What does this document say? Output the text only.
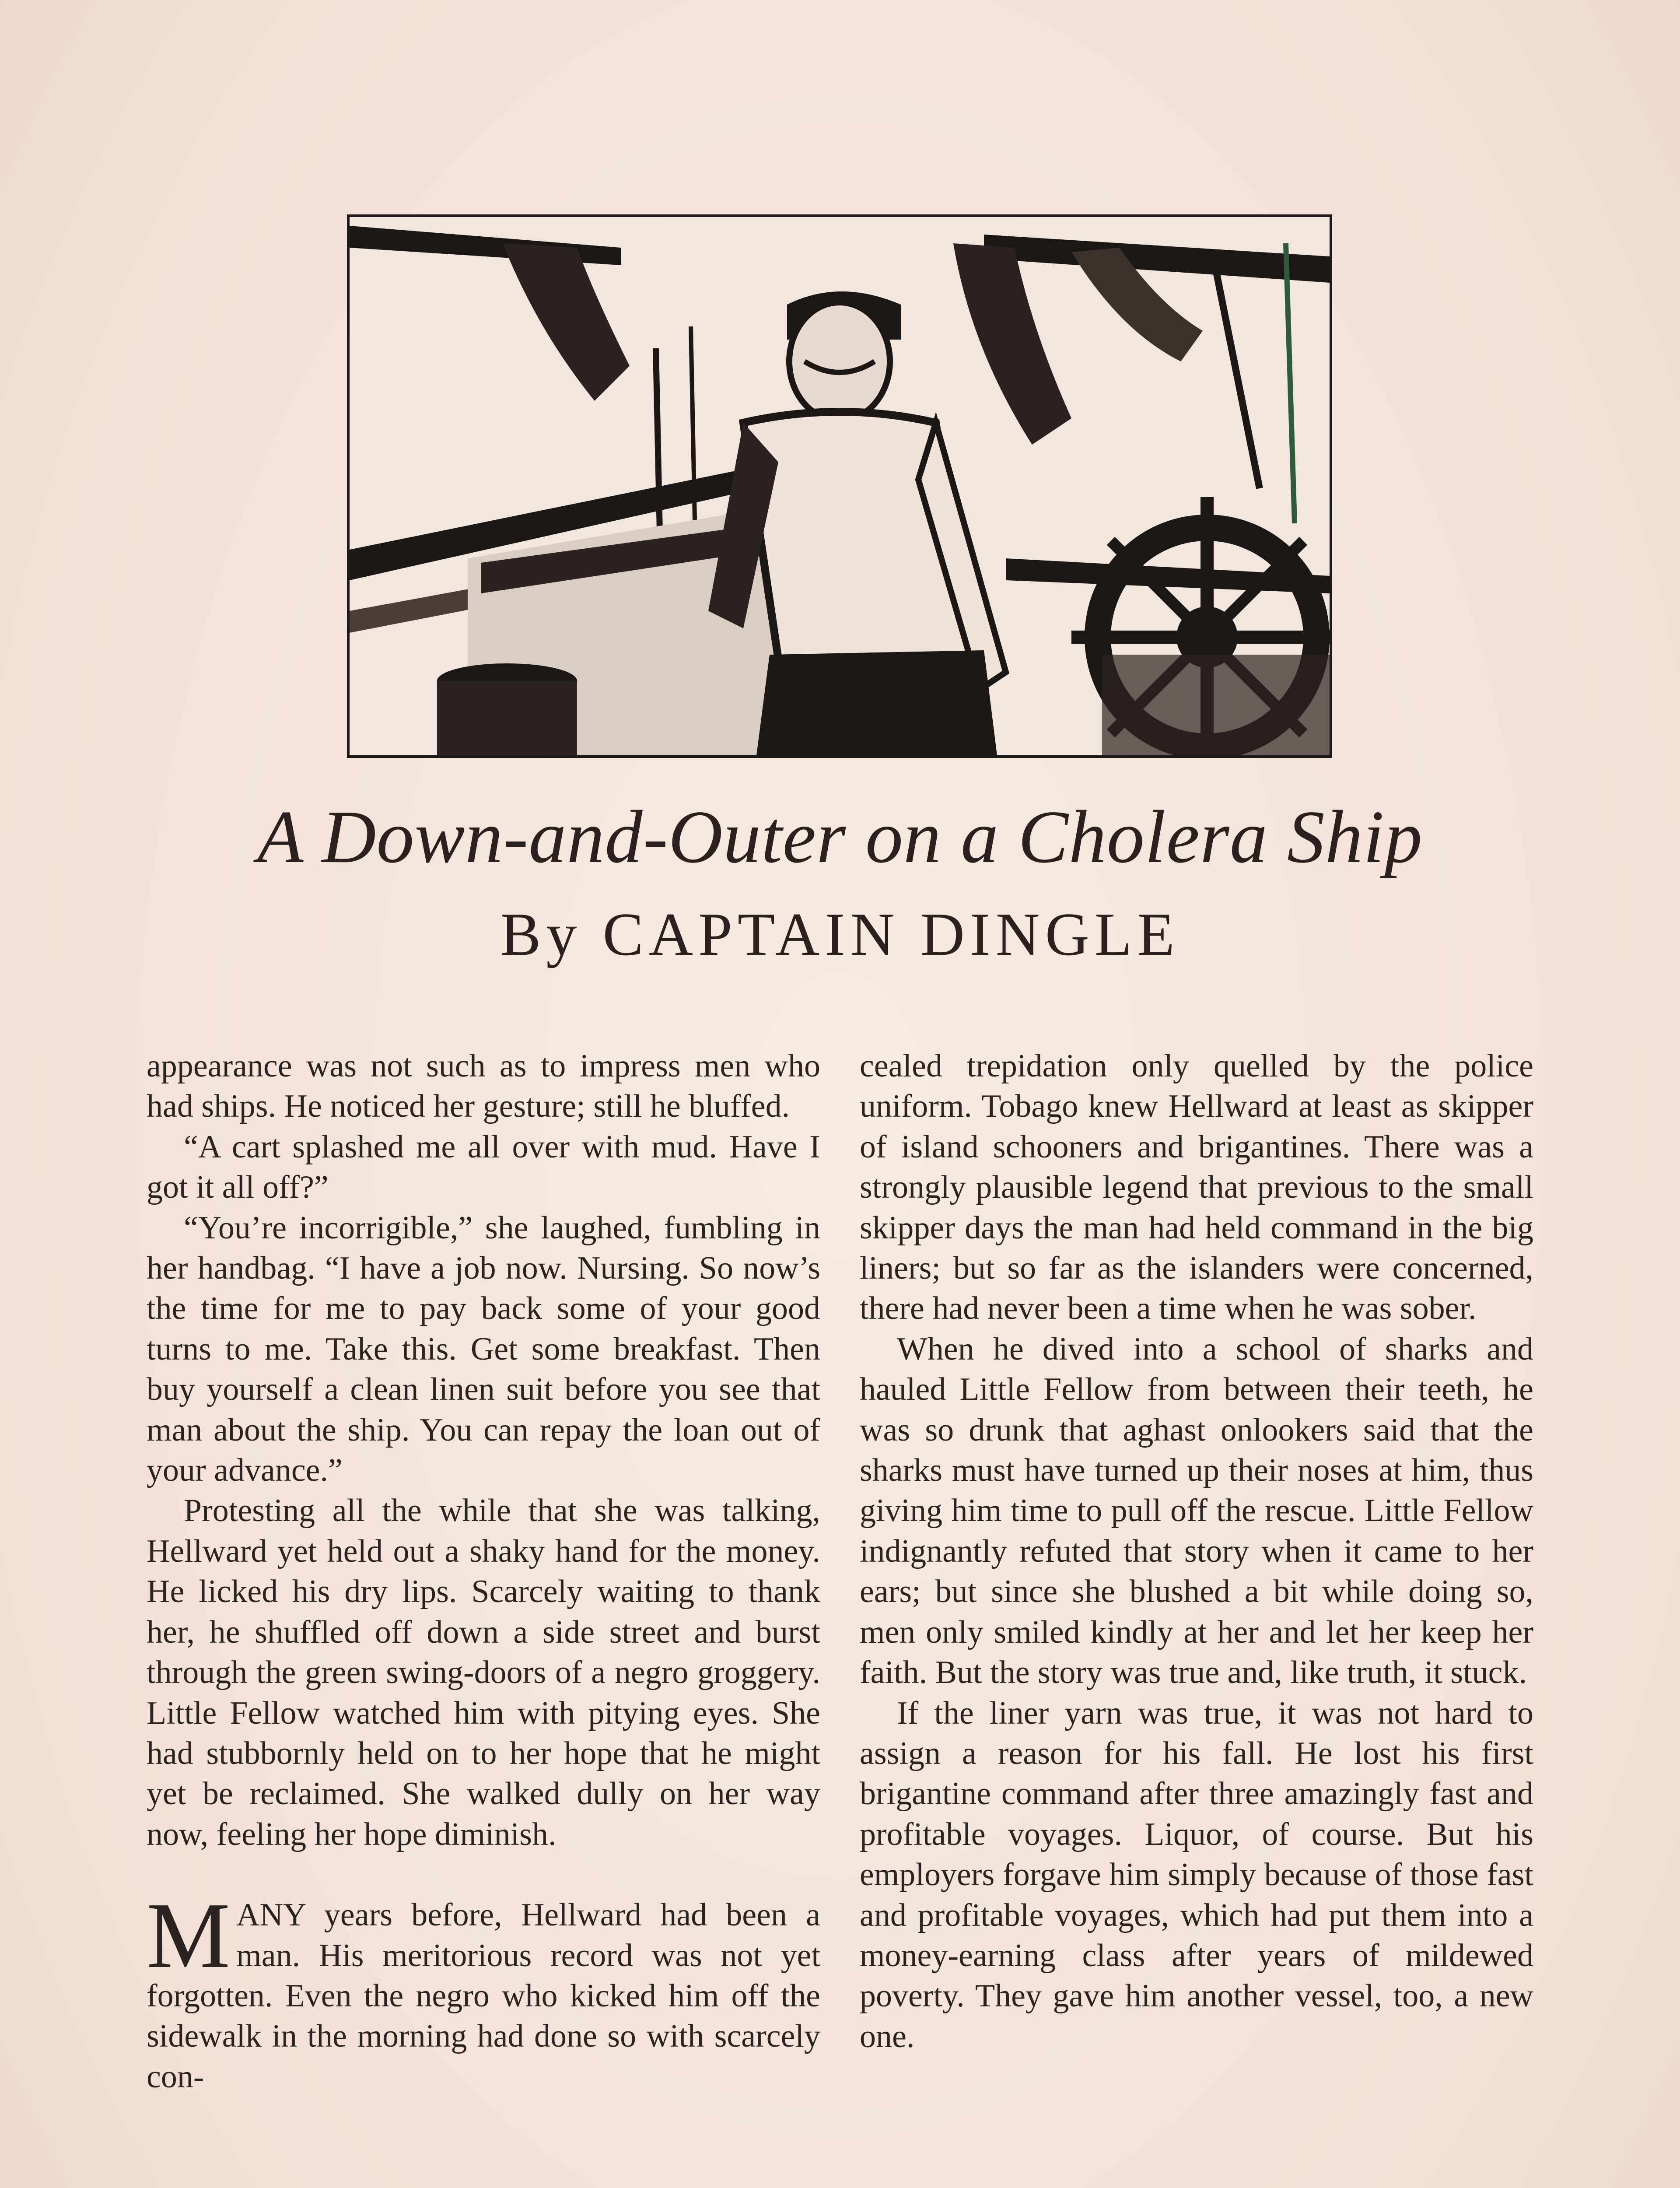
A Down-and-Outer on a Cholera Ship
By CAPTAIN DINGLE

appearance was not such as to impress men who had ships. He noticed her gesture; still he bluffed.

“A cart splashed me all over with mud. Have I got it all off?”

“You’re incorrigible,” she laughed, fumbling in her handbag. “I have a job now. Nursing. So now’s the time for me to pay back some of your good turns to me. Take this. Get some breakfast. Then buy yourself a clean linen suit before you see that man about the ship. You can repay the loan out of your advance.”

Protesting all the while that she was talking, Hellward yet held out a shaky hand for the money. He licked his dry lips. Scarcely waiting to thank her, he shuffled off down a side street and burst through the green swing-doors of a negro groggery. Little Fellow watched him with pitying eyes. She had stubbornly held on to her hope that he might yet be reclaimed. She walked dully on her way now, feeling her hope diminish.

MANY years before, Hellward had been a man. His meritorious record was not yet forgotten. Even the negro who kicked him off the sidewalk in the morning had done so with scarcely con-

cealed trepidation only quelled by the police uniform. Tobago knew Hellward at least as skipper of island schooners and brigantines. There was a strongly plausible legend that previous to the small skipper days the man had held command in the big liners; but so far as the islanders were concerned, there had never been a time when he was sober.

When he dived into a school of sharks and hauled Little Fellow from between their teeth, he was so drunk that aghast onlookers said that the sharks must have turned up their noses at him, thus giving him time to pull off the rescue. Little Fellow indignantly refuted that story when it came to her ears; but since she blushed a bit while doing so, men only smiled kindly at her and let her keep her faith. But the story was true and, like truth, it stuck.

If the liner yarn was true, it was not hard to assign a reason for his fall. He lost his first brigantine command after three amazingly fast and profitable voyages. Liquor, of course. But his employers forgave him simply because of those fast and profitable voyages, which had put them into a money-earning class after years of mildewed poverty. They gave him another vessel, too, a new one.
